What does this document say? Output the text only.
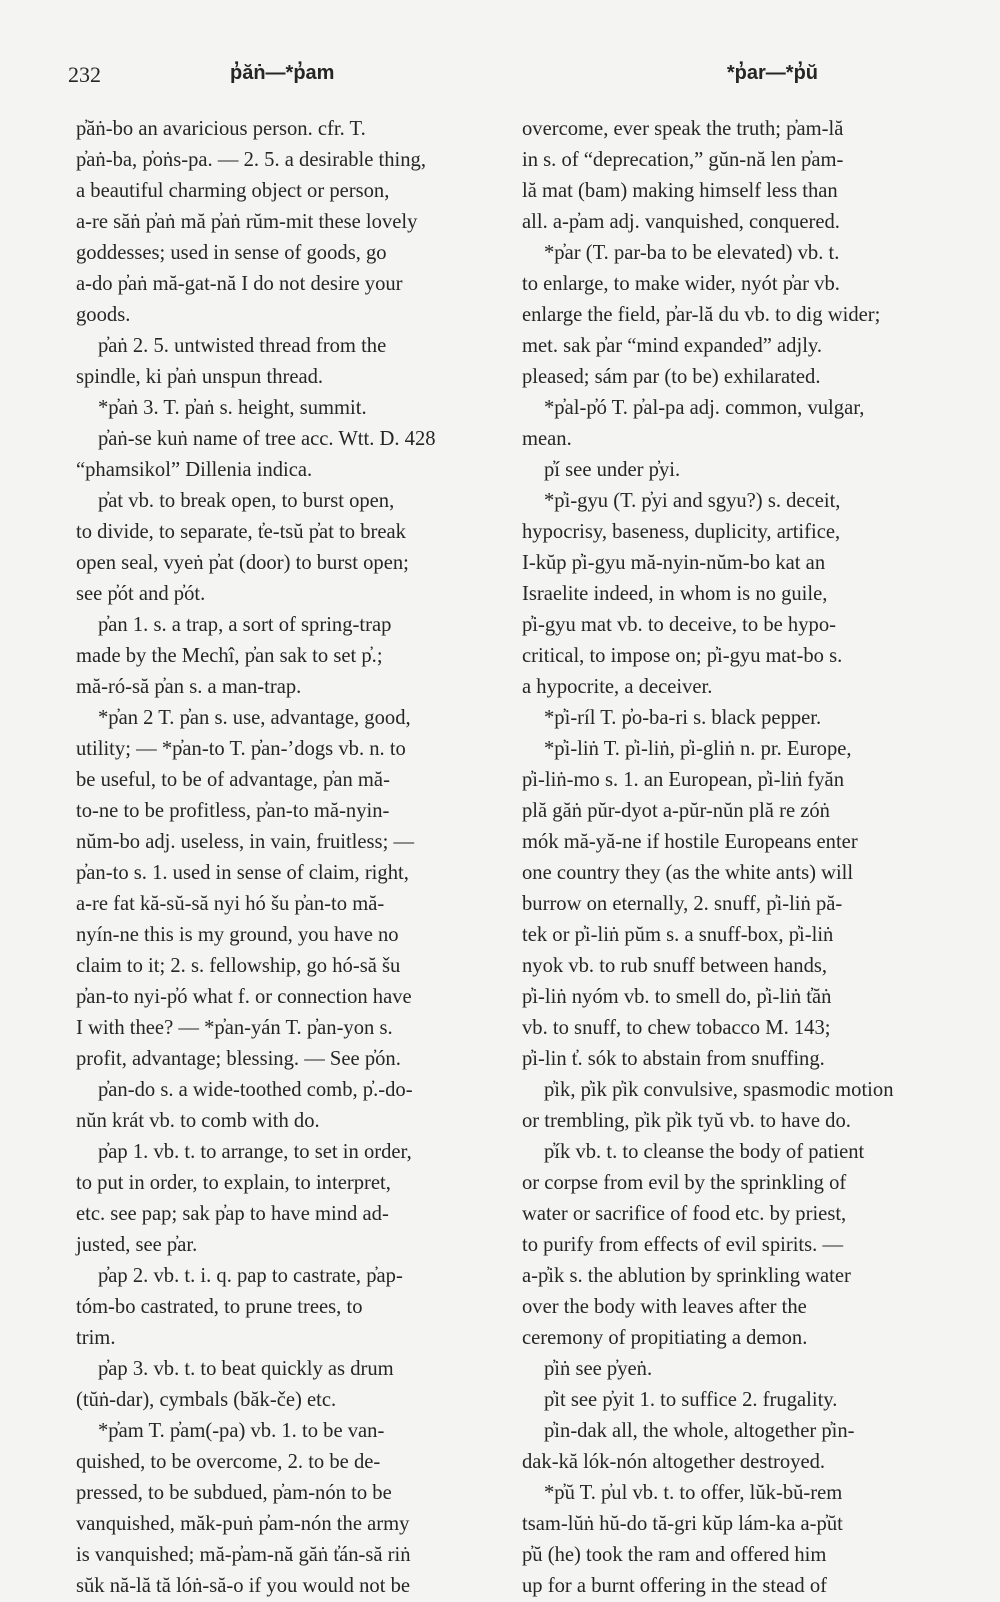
232	p̓ăṅ—*p̓am	*p̓ar—*p̓ŭ
p̓ăṅ-bo an avaricious person. cfr. T.
p̓aṅ-ba, p̓oṅs-pa. — 2. 5. a desirable thing,
a beautiful charming object or person,
a-re săṅ p̓aṅ mă p̓aṅ rŭm-mit these lovely
goddesses; used in sense of goods, go
a-do p̓aṅ mă-gat-nă I do not desire your
goods.
p̓aṅ 2. 5. untwisted thread from the
spindle, ki p̓aṅ unspun thread.
*p̓aṅ 3. T. p̓aṅ s. height, summit.
p̓aṅ-se kuṅ name of tree acc. Wtt. D. 428
“phamsikol” Dillenia indica.
p̓at vb. to break open, to burst open,
to divide, to separate, t̓e-tsŭ p̓at to break
open seal, vyeṅ p̓at (door) to burst open;
see p̓ót and p̓ót.
p̓an 1. s. a trap, a sort of spring-trap
made by the Mechî, p̓an sak to set p̓.;
mă-ró-să p̓an s. a man-trap.
*p̓an 2 T. p̓an s. use, advantage, good,
utility; — *p̓an-to T. p̓an-’dogs vb. n. to
be useful, to be of advantage, p̓an mă-
to-ne to be profitless, p̓an-to mă-nyin-
nŭm-bo adj. useless, in vain, fruitless; —
p̓an-to s. 1. used in sense of claim, right,
a-re fat kă-sŭ-să nyi hó šu p̓an-to mă-
nyín-ne this is my ground, you have no
claim to it; 2. s. fellowship, go hó-să šu
p̓an-to nyi-p̓ó what f. or connection have
I with thee? — *p̓an-yán T. p̓an-yon s.
profit, advantage; blessing. — See p̓ón.
p̓an-do s. a wide-toothed comb, p̓.-do-
nŭn krát vb. to comb with do.
p̓ap 1. vb. t. to arrange, to set in order,
to put in order, to explain, to interpret,
etc. see pap; sak p̓ap to have mind ad-
justed, see p̓ar.
p̓ap 2. vb. t. i. q. pap to castrate, p̓ap-
tóm-bo castrated, to prune trees, to
trim.
p̓ap 3. vb. t. to beat quickly as drum
(tŭṅ-dar), cymbals (băk-če) etc.
*p̓am T. p̓am(-pa) vb. 1. to be van-
quished, to be overcome, 2. to be de-
pressed, to be subdued, p̓am-nón to be
vanquished, măk-puṅ p̓am-nón the army
is vanquished; mă-p̓am-nă găṅ t̓án-să riṅ
sŭk nă-lă tă lóṅ-să-o if you would not be
overcome, ever speak the truth; p̓am-lă
in s. of “deprecation,” gŭn-nă len p̓am-
lă mat (bam) making himself less than
all. a-p̓am adj. vanquished, conquered.
*p̓ar (T. par-ba to be elevated) vb. t.
to enlarge, to make wider, nyót p̓ar vb.
enlarge the field, p̓ar-lă du vb. to dig wider;
met. sak p̓ar “mind expanded” adjly.
pleased; sám par (to be) exhilarated.
*p̓al-p̓ó T. p̓al-pa adj. common, vulgar,
mean.
p̓í see under p̓yi.
*p̓i-gyu (T. p̓yi and sgyu?) s. deceit,
hypocrisy, baseness, duplicity, artifice,
I-kŭp p̓i-gyu mă-nyin-nŭm-bo kat an
Israelite indeed, in whom is no guile,
p̓i-gyu mat vb. to deceive, to be hypo-
critical, to impose on; p̓i-gyu mat-bo s.
a hypocrite, a deceiver.
*p̓i-ríl T. p̓o-ba-ri s. black pepper.
*p̓i-liṅ T. p̓i-liṅ, p̓i-gliṅ n. pr. Europe,
p̓i-liṅ-mo s. 1. an European, p̓i-liṅ fyăn
plă găṅ pŭr-dyot a-pŭr-nŭn plă re zóṅ
mók mă-yă-ne if hostile Europeans enter
one country they (as the white ants) will
burrow on eternally, 2. snuff, p̓i-liṅ pă-
tek or p̓i-liṅ pŭm s. a snuff-box, p̓i-liṅ
nyok vb. to rub snuff between hands,
p̓i-liṅ nyóm vb. to smell do, p̓i-liṅ t̓ăṅ
vb. to snuff, to chew tobacco M. 143;
p̓i-lin t̓. sók to abstain from snuffing.
p̓ik, p̓ik p̓ik convulsive, spasmodic motion
or trembling, p̓ik p̓ik tyŭ vb. to have do.
p̓ík vb. t. to cleanse the body of patient
or corpse from evil by the sprinkling of
water or sacrifice of food etc. by priest,
to purify from effects of evil spirits. —
a-p̓ik s. the ablution by sprinkling water
over the body with leaves after the
ceremony of propitiating a demon.
p̓iṅ see p̓yeṅ.
p̓it see p̓yit 1. to suffice 2. frugality.
p̓in-dak all, the whole, altogether p̓in-
dak-kă lók-nón altogether destroyed.
*p̓ŭ T. p̓ul vb. t. to offer, lŭk-bŭ-rem
tsam-lŭṅ hŭ-do tă-gri kŭp lám-ka a-p̓ŭt
p̓ŭ (he) took the ram and offered him
up for a burnt offering in the stead of
